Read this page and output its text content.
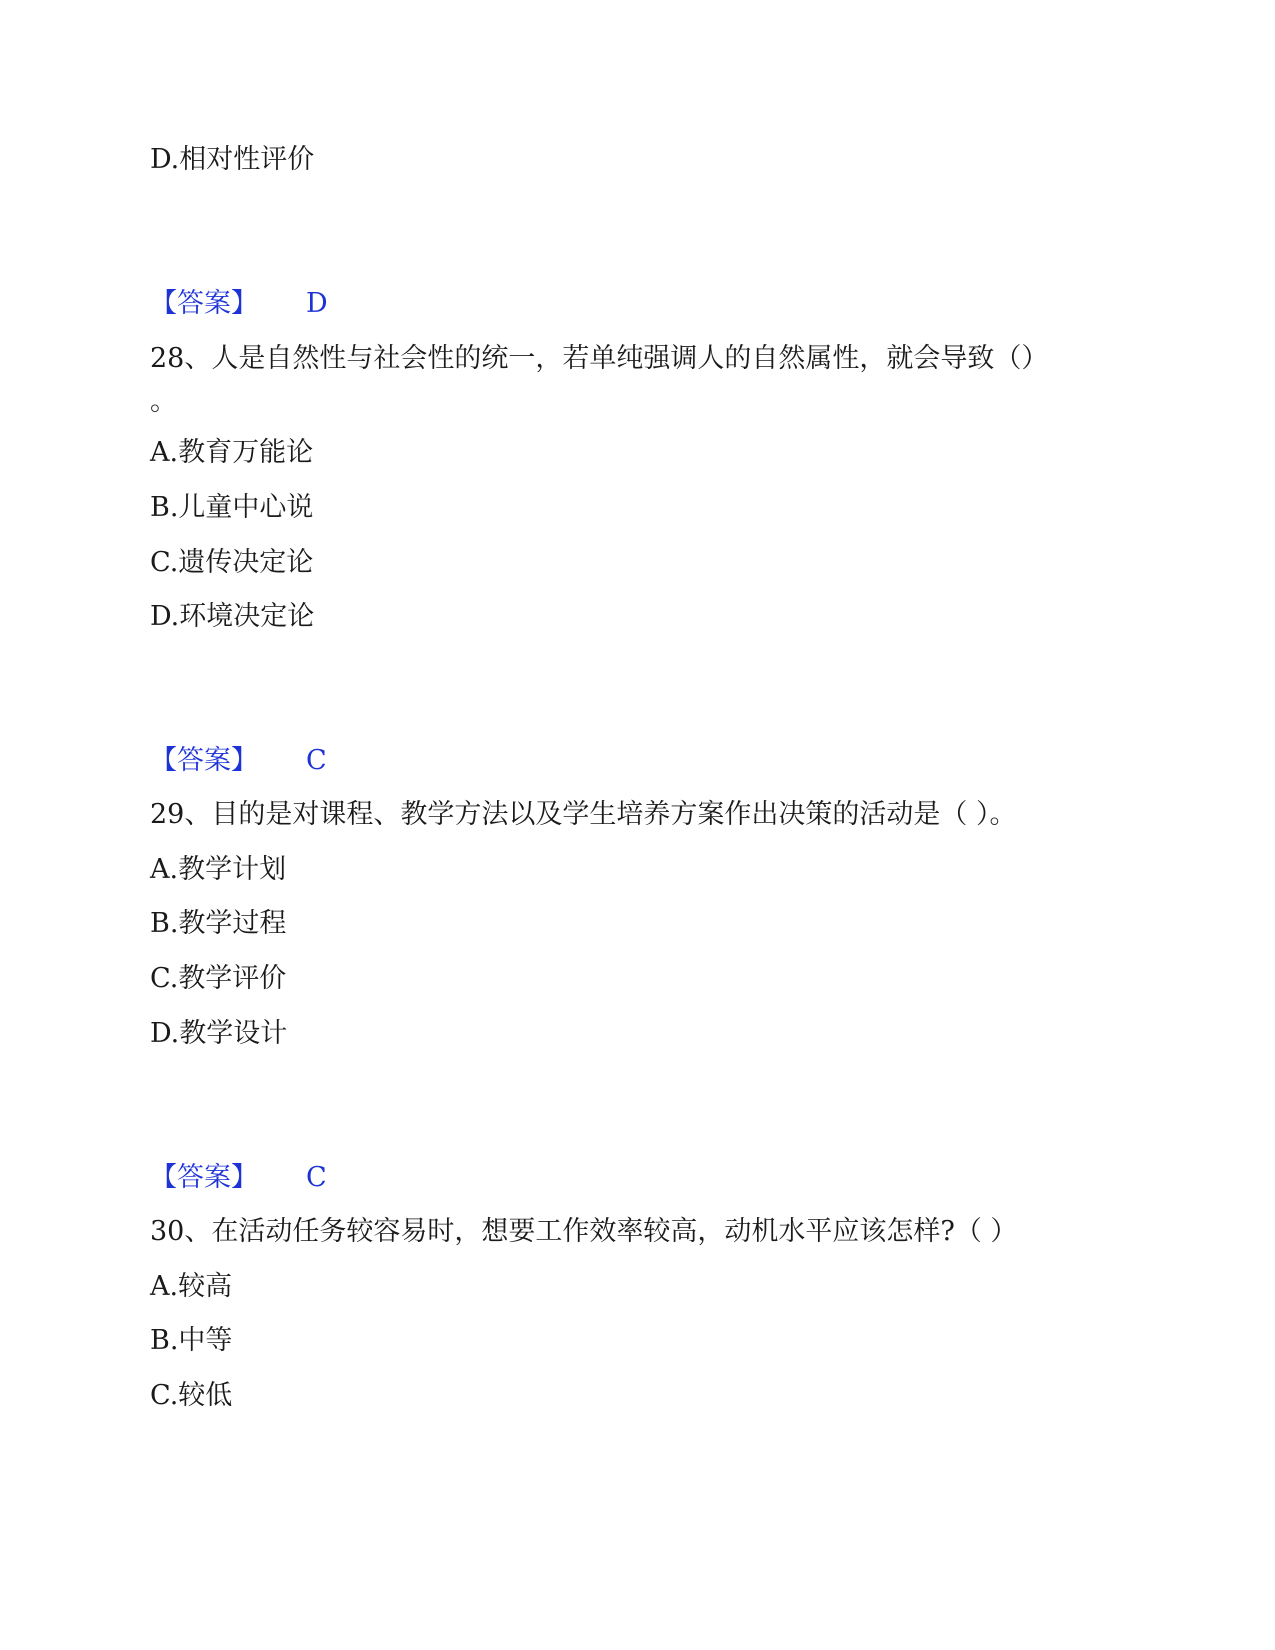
D.相对性评价
【答案】 D
28、人是自然性与社会性的统一，若单纯强调人的自然属性，就会导致（）
。
A.教育万能论
B.儿童中心说
C.遗传决定论
D.环境决定论
【答案】 C
29、目的是对课程、教学方法以及学生培养方案作出决策的活动是（ ）。
A.教学计划
B.教学过程
C.教学评价
D.教学设计
【答案】 C
30、在活动任务较容易时，想要工作效率较高，动机水平应该怎样?（ ）
A.较高
B.中等
C.较低
